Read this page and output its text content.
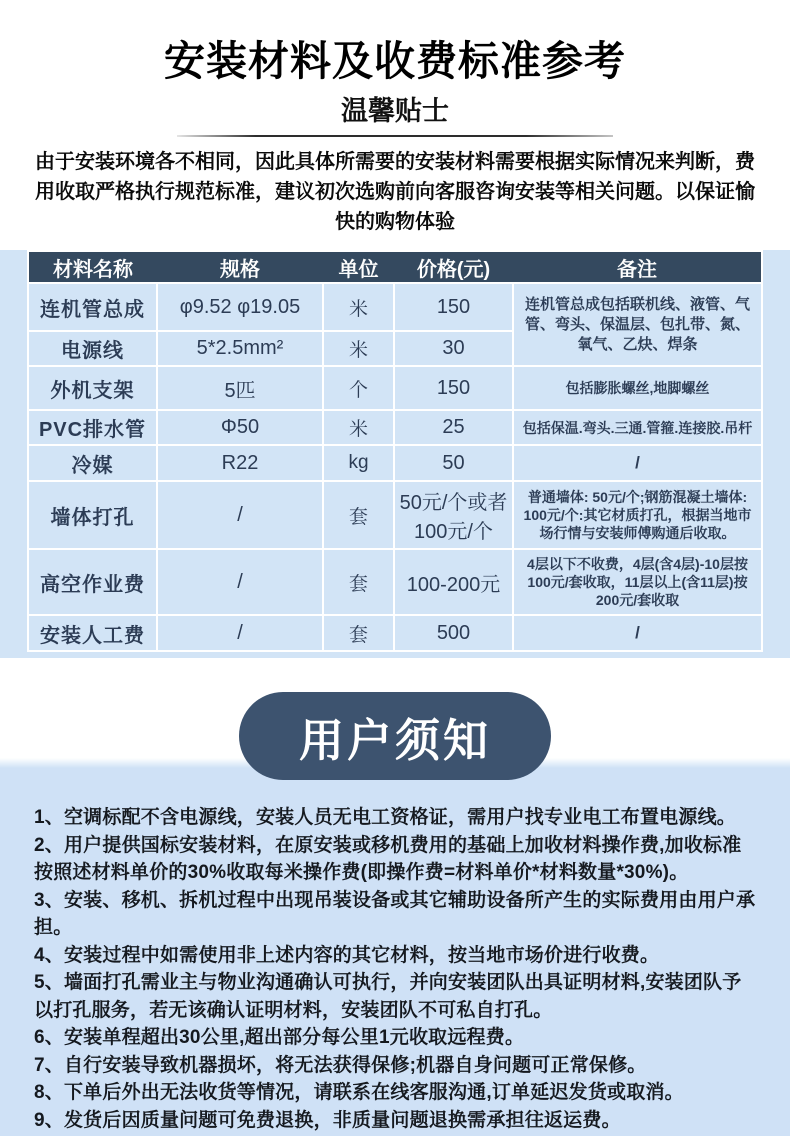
安装材料及收费标准参考
温馨贴士

由于安装环境各不相同，因此具体所需要的安装材料需要根据实际情况来判断，费用收取严格执行规范标准，建议初次选购前向客服咨询安装等相关问题。以保证愉快的购物体验

材料名称	规格	单位	价格(元)	备注
连机管总成	φ9.52 φ19.05	米	150	连机管总成包括联机线、液管、气管、弯头、保温层、包扎带、氮、氧气、乙炔、焊条
电源线	5*2.5mm²	米	30	
外机支架	5匹	个	150	包括膨胀螺丝,地脚螺丝
PVC排水管	Φ50	米	25	包括保温.弯头.三通.管箍.连接胶.吊杆
冷媒	R22	kg	50	/
墙体打孔	/	套	50元/个或者100元/个	普通墙体: 50元/个;钢筋混凝土墙体: 100元/个:其它材质打孔，根据当地市场行情与安装师傅购通后收取。
高空作业费	/	套	100-200元	4层以下不收费，4层(含4层)-10层按100元/套收取，11层以上(含11层)按200元/套收取
安装人工费	/	套	500	/
用户须知

1、空调标配不含电源线，安装人员无电工资格证，需用户找专业电工布置电源线。

2、用户提供国标安装材料，在原安装或移机费用的基础上加收材料操作费,加收标准按照述材料单价的30%收取每米操作费(即操作费=材料单价*材料数量*30%)。

3、安装、移机、拆机过程中出现吊装设备或其它辅助设备所产生的实际费用由用户承担。

4、安装过程中如需使用非上述内容的其它材料，按当地市场价进行收费。

5、墙面打孔需业主与物业沟通确认可执行，并向安装团队出具证明材料,安装团队予以打孔服务，若无该确认证明材料，安装团队不可私自打孔。

6、安装单程超出30公里,超出部分每公里1元收取远程费。

7、自行安装导致机器损坏，将无法获得保修;机器自身问题可正常保修。

8、下单后外出无法收货等情况，请联系在线客服沟通,订单延迟发货或取消。

9、发货后因质量问题可免费退换，非质量问题退换需承担往返运费。
